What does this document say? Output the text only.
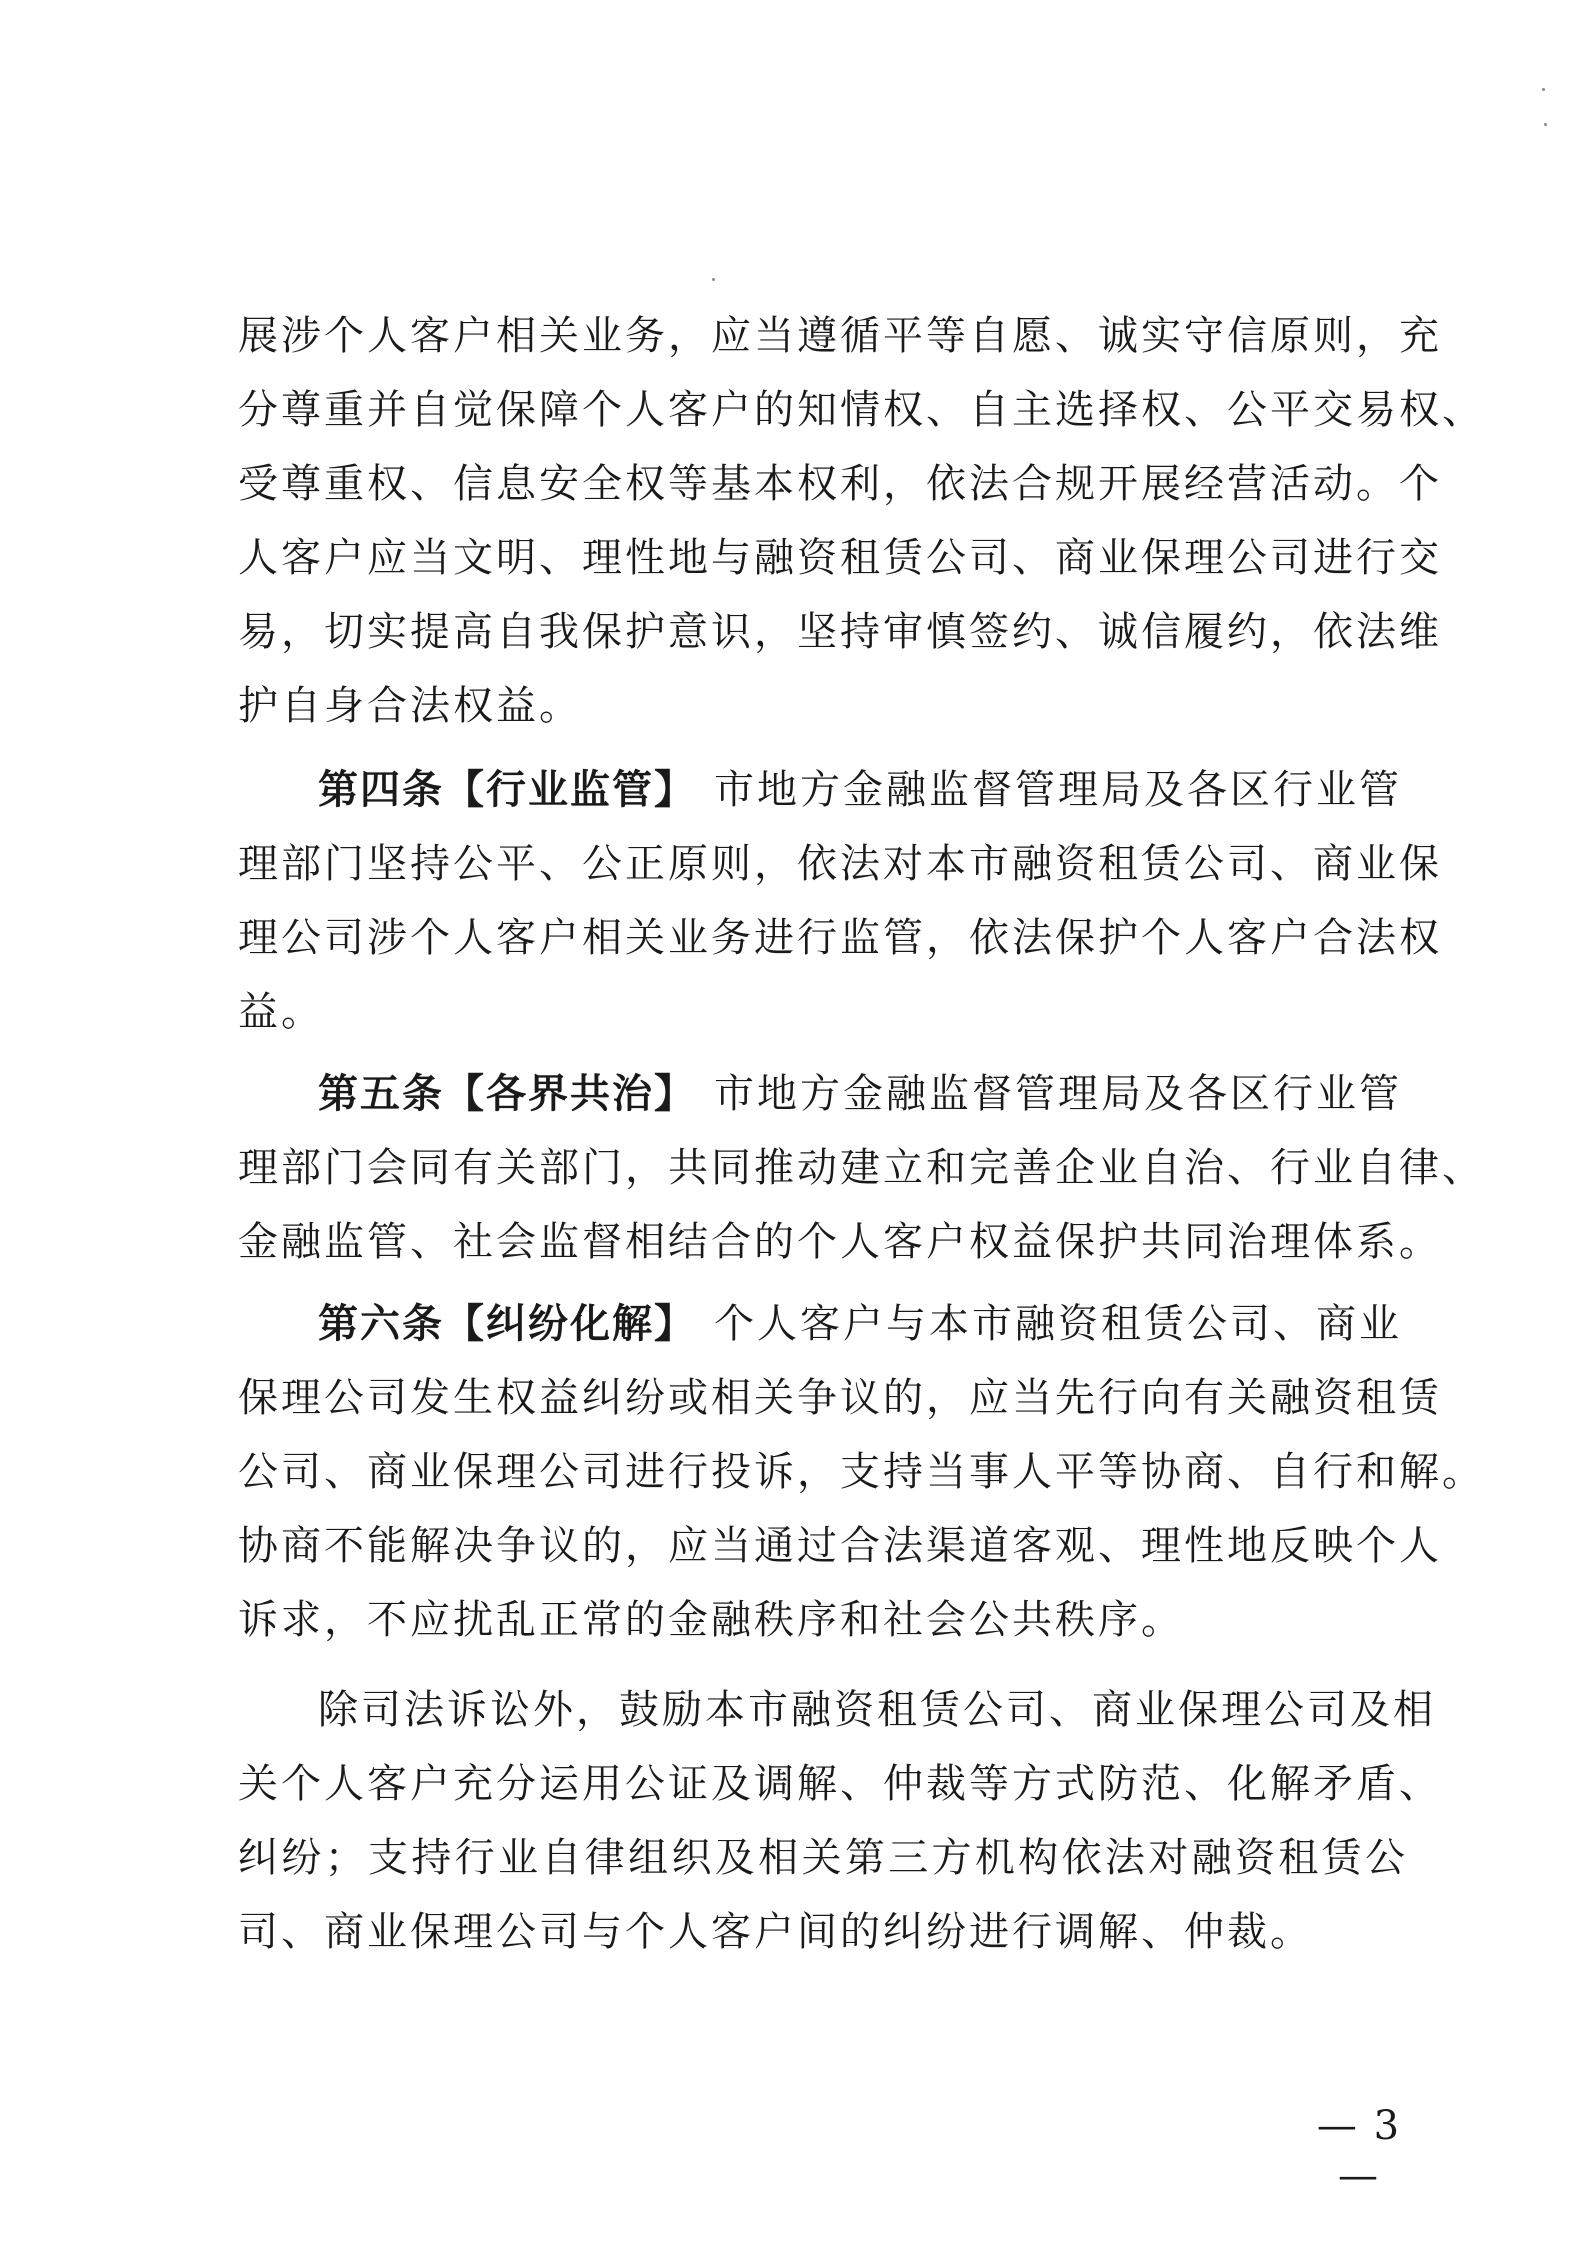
展涉个人客户相关业务，应当遵循平等自愿、诚实守信原则，充
分尊重并自觉保障个人客户的知情权、自主选择权、公平交易权、
受尊重权、信息安全权等基本权利，依法合规开展经营活动。个
人客户应当文明、理性地与融资租赁公司、商业保理公司进行交
易，切实提高自我保护意识，坚持审慎签约、诚信履约，依法维
护自身合法权益。
第四条【行业监管】 市地方金融监督管理局及各区行业管
理部门坚持公平、公正原则，依法对本市融资租赁公司、商业保
理公司涉个人客户相关业务进行监管，依法保护个人客户合法权
益。
第五条【各界共治】 市地方金融监督管理局及各区行业管
理部门会同有关部门，共同推动建立和完善企业自治、行业自律、
金融监管、社会监督相结合的个人客户权益保护共同治理体系。
第六条【纠纷化解】 个人客户与本市融资租赁公司、商业
保理公司发生权益纠纷或相关争议的，应当先行向有关融资租赁
公司、商业保理公司进行投诉，支持当事人平等协商、自行和解。
协商不能解决争议的，应当通过合法渠道客观、理性地反映个人
诉求，不应扰乱正常的金融秩序和社会公共秩序。
除司法诉讼外，鼓励本市融资租赁公司、商业保理公司及相
关个人客户充分运用公证及调解、仲裁等方式防范、化解矛盾、
纠纷；支持行业自律组织及相关第三方机构依法对融资租赁公
司、商业保理公司与个人客户间的纠纷进行调解、仲裁。
— 3 —
